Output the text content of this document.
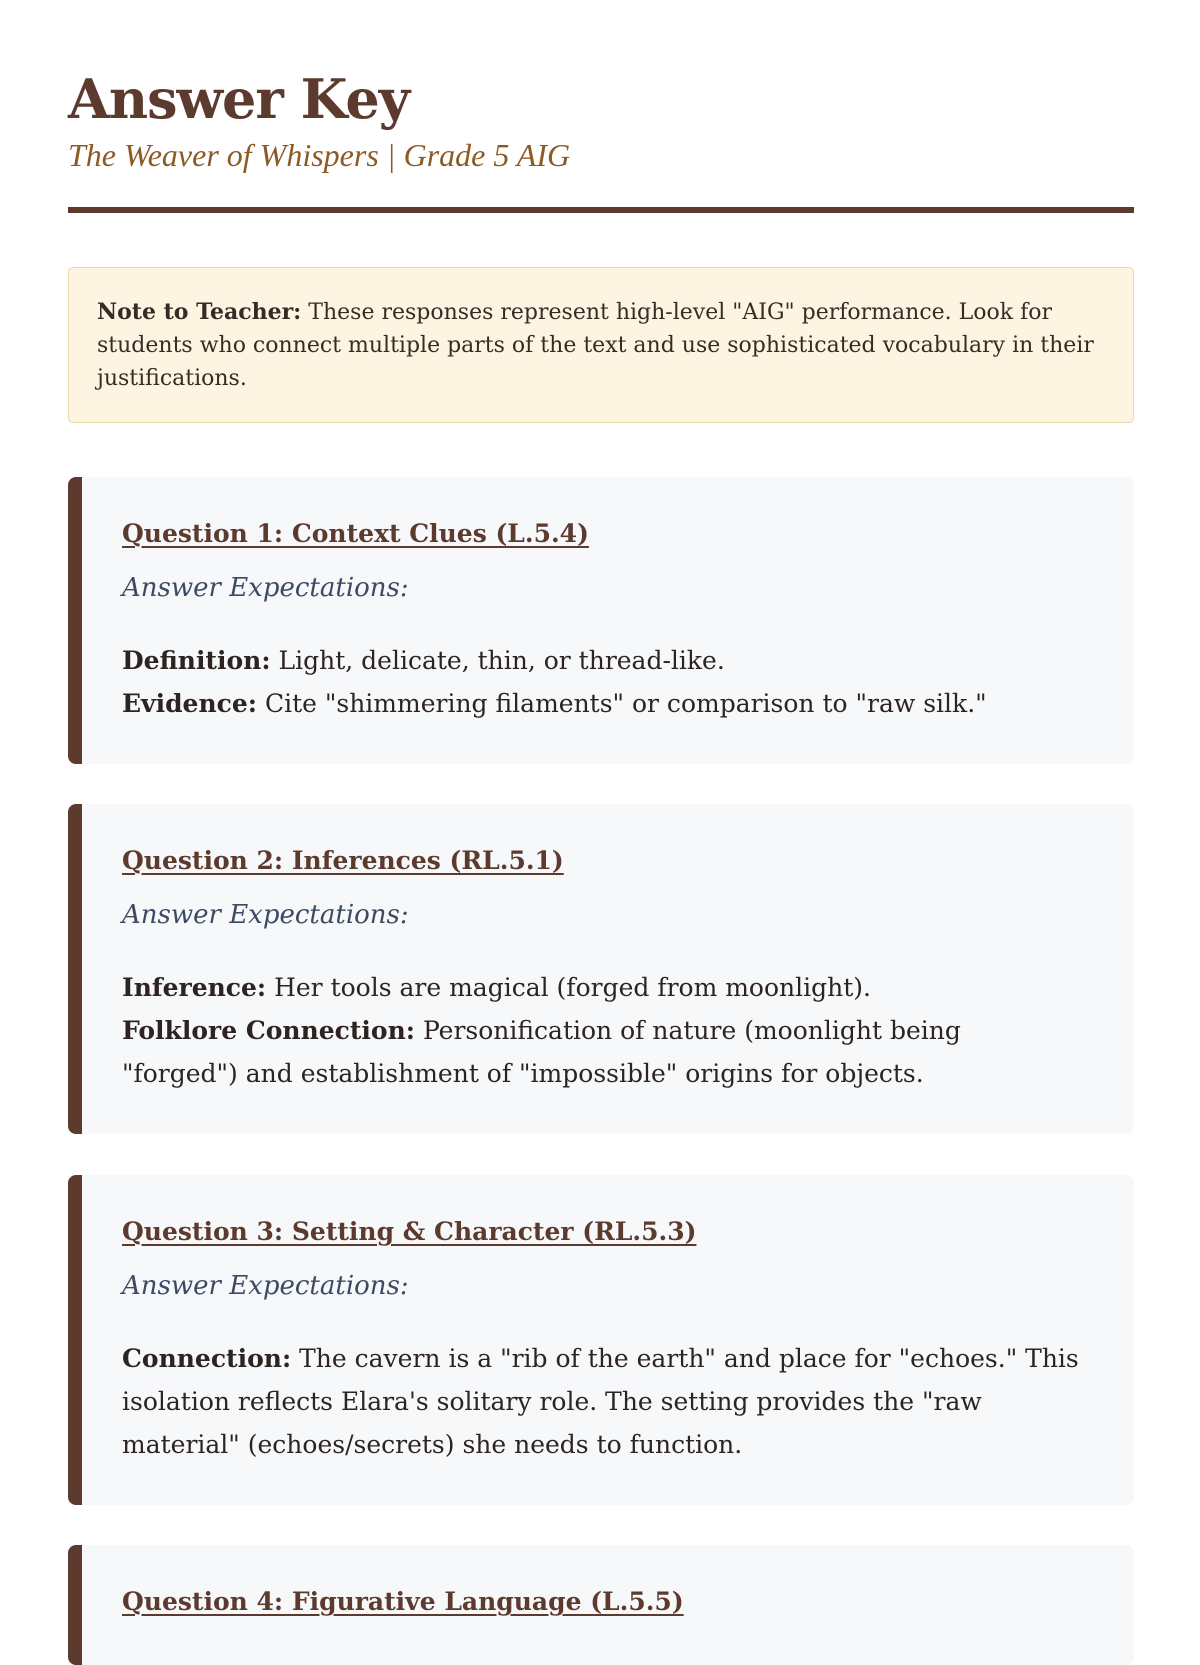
Answer Key
The Weaver of Whispers | Grade 5 AIG
Note to Teacher: These responses represent high-level "AIG" performance. Look for students who connect multiple parts of the text and use sophisticated vocabulary in their justifications.
Question 1: Context Clues (L.5.4)
Answer Expectations:

Definition: Light, delicate, thin, or thread-like.

Evidence: Cite "shimmering filaments" or comparison to "raw silk."

Question 2: Inferences (RL.5.1)
Answer Expectations:

Inference: Her tools are magical (forged from moonlight).

Folklore Connection: Personification of nature (moonlight being "forged") and establishment of "impossible" origins for objects.

Question 3: Setting & Character (RL.5.3)
Answer Expectations:

Connection: The cavern is a "rib of the earth" and place for "echoes." This isolation reflects Elara's solitary role. The setting provides the "raw material" (echoes/secrets) she needs to function.

Question 4: Figurative Language (L.5.5)
